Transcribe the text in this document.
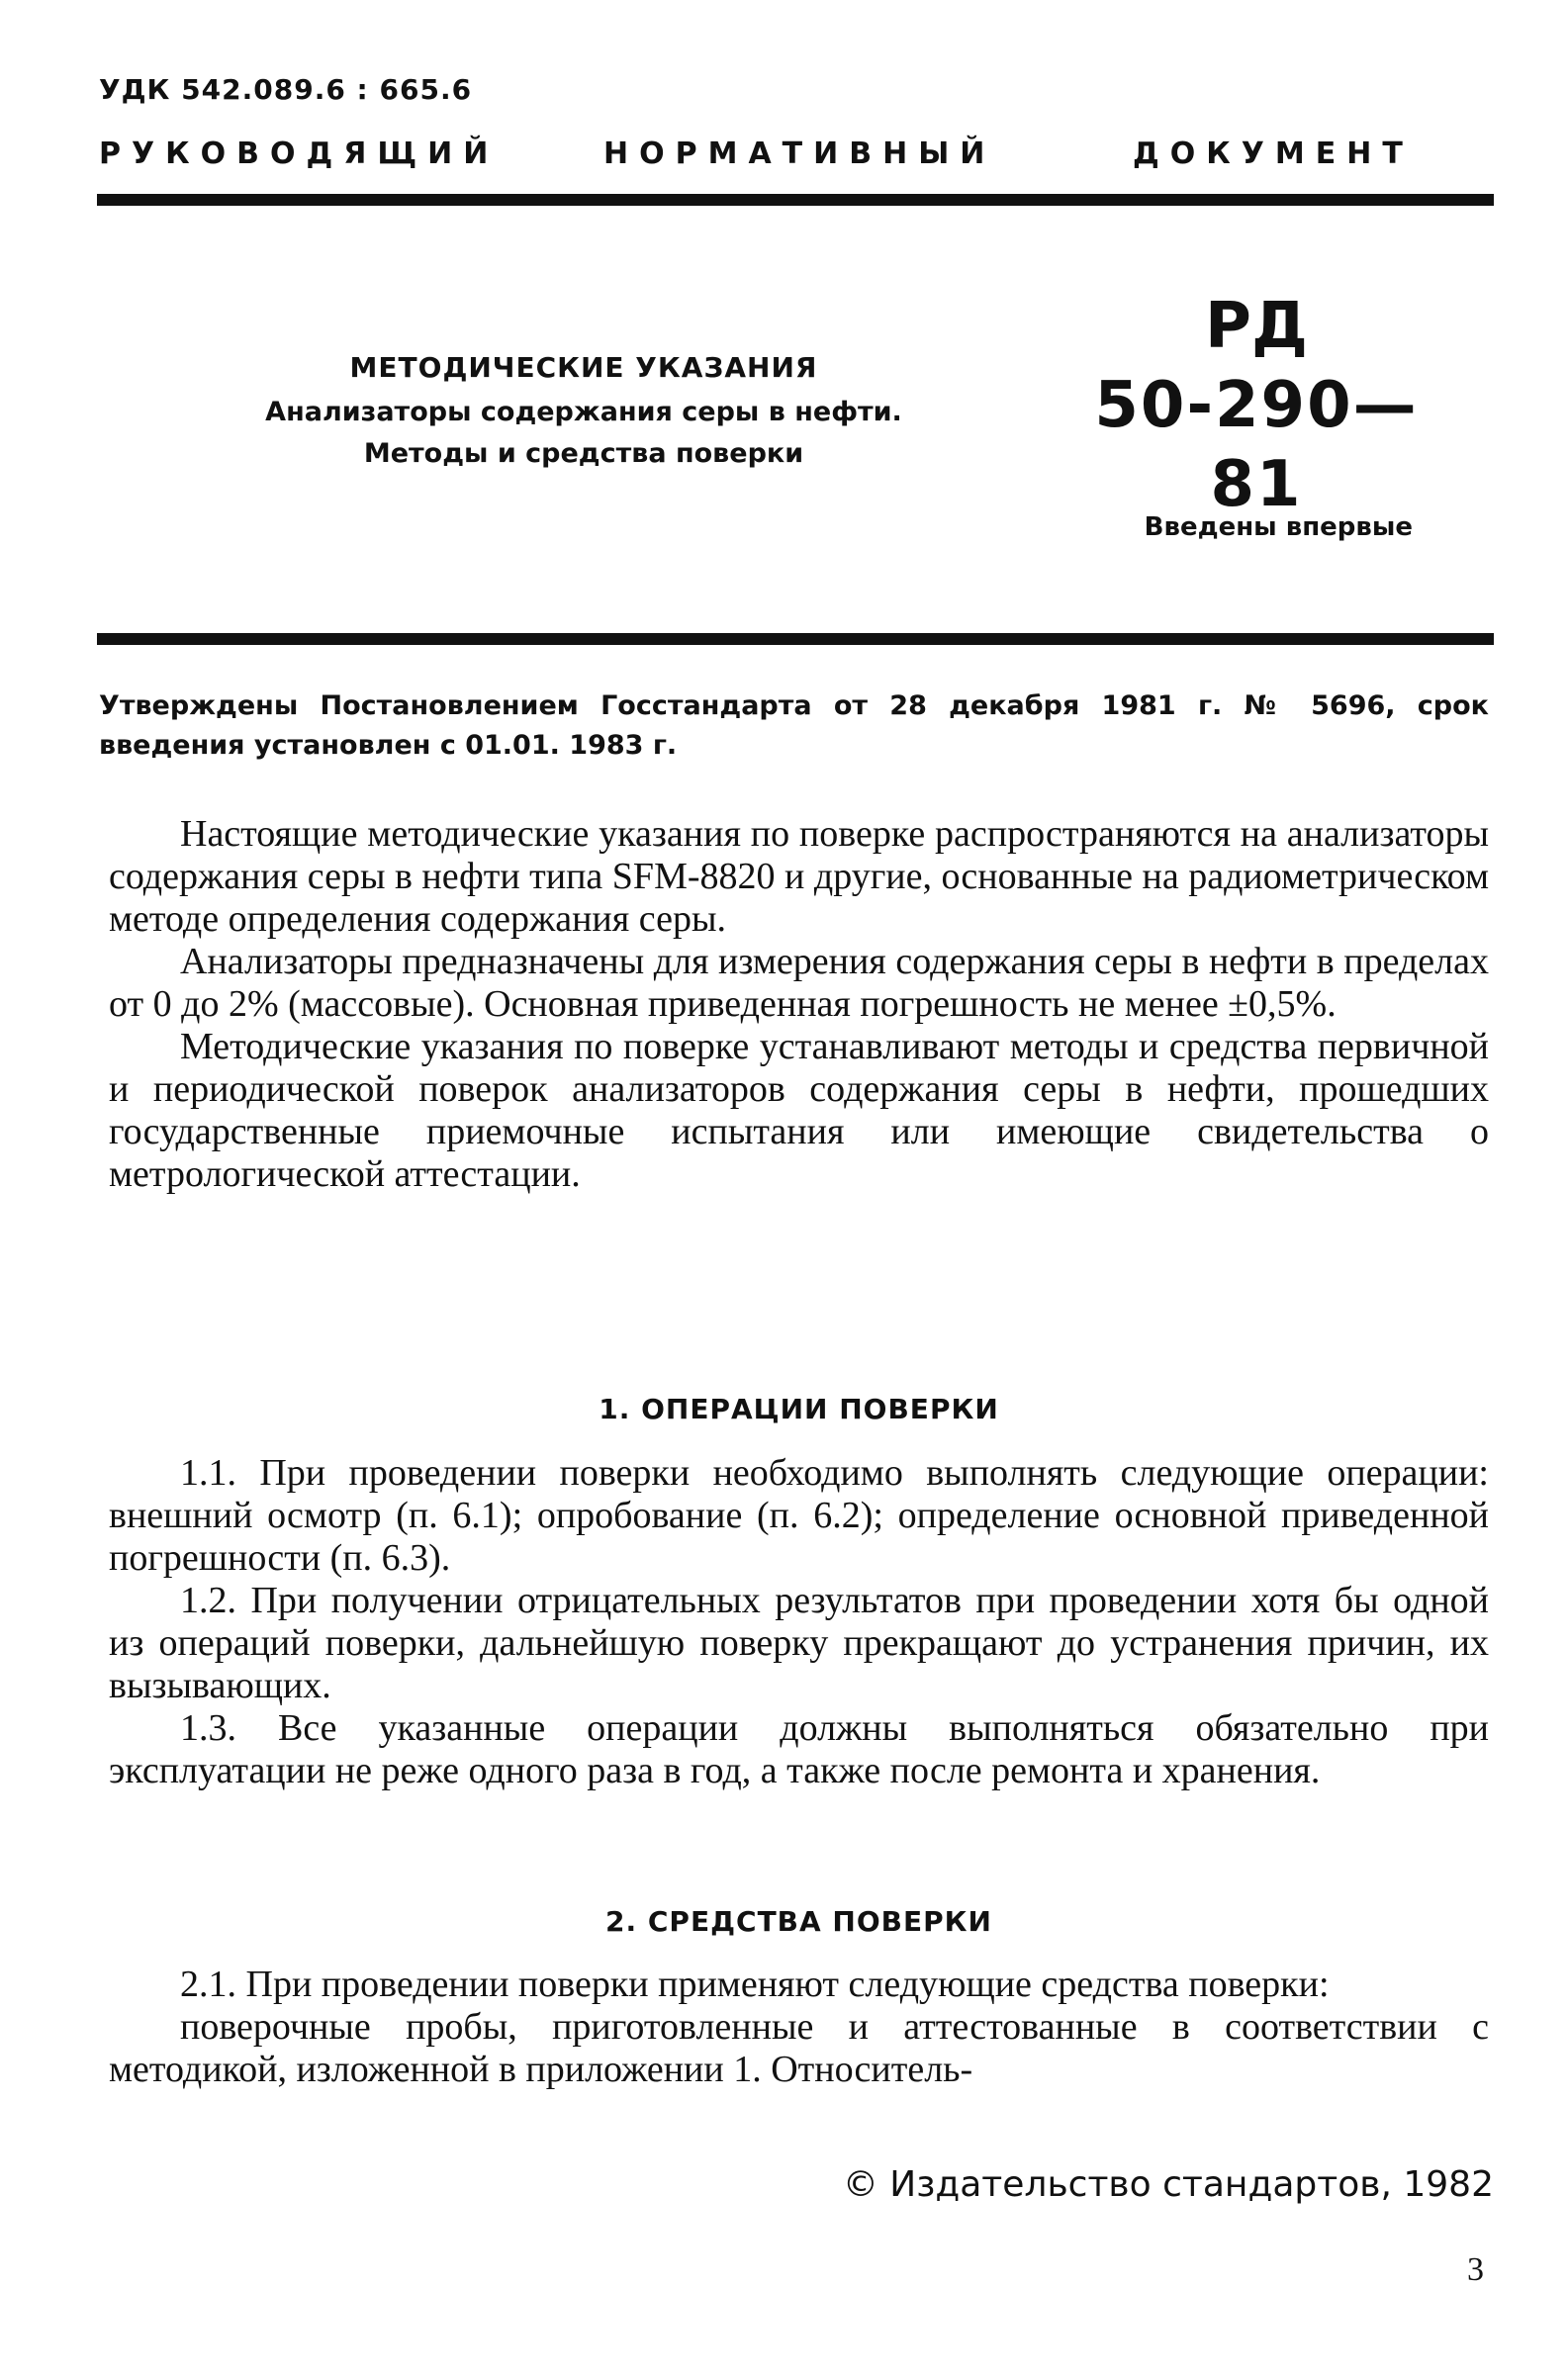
УДК 542.089.6 : 665.6
РУКОВОДЯЩИЙ	НОРМАТИВНЫЙ	ДОКУМЕНТ
МЕТОДИЧЕСКИЕ УКАЗАНИЯ
Анализаторы содержания серы в нефти.
Методы и средства поверки
РД
50-290—81
Введены впервые
Утверждены Постановлением Госстандарта от 28 декабря 1981 г. № 5696, срок введения установлен с 01.01. 1983 г.

Настоящие методические указания по поверке распространяются на анализаторы содержания серы в нефти типа SFM-8820 и другие, основанные на радиометрическом методе определения содержания серы.

Анализаторы предназначены для измерения содержания серы в нефти в пределах от 0 до 2% (массовые). Основная приведенная погрешность не менее ±0,5%.

Методические указания по поверке устанавливают методы и средства первичной и периодической поверок анализаторов содержания серы в нефти, прошедших государственные приемочные испытания или имеющие свидетельства о метрологической аттестации.

1. ОПЕРАЦИИ ПОВЕРКИ

1.1. При проведении поверки необходимо выполнять следующие операции: внешний осмотр (п. 6.1); опробование (п. 6.2); определение основной приведенной погрешности (п. 6.3).

1.2. При получении отрицательных результатов при проведении хотя бы одной из операций поверки, дальнейшую поверку прекращают до устранения причин, их вызывающих.

1.3. Все указанные операции должны выполняться обязательно при эксплуатации не реже одного раза в год, а также после ремонта и хранения.

2. СРЕДСТВА ПОВЕРКИ

2.1. При проведении поверки применяют следующие средства поверки:

поверочные пробы, приготовленные и аттестованные в соответствии с методикой, изложенной в приложении 1. Относитель-

© Издательство стандартов, 1982
3
